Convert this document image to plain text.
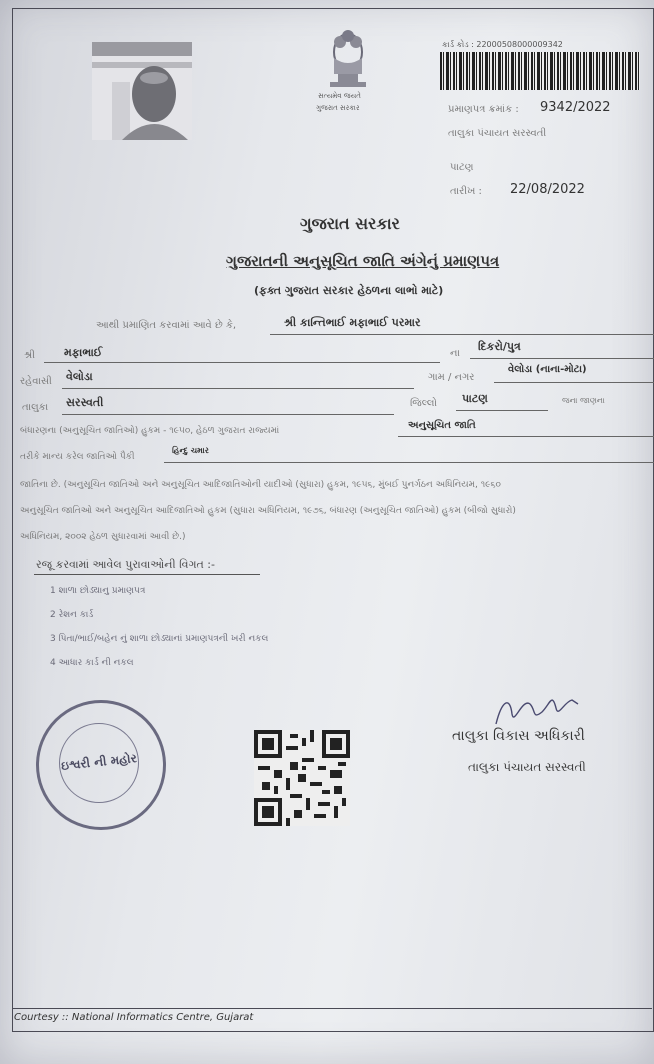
સત્યમેવ જયતે
ગુજરાત સરકાર
કાર્ડ કોડ : 22000508000009342
પ્રમાણપત્ર ક્રમાંક : 9342/2022
તાલુકા પંચાયત સરસ્વતી
પાટણ
તારીખ : 22/08/2022
ગુજરાત સરકાર
ગુજરાતની અનુસૂચિત જાતિ અંગેનું પ્રમાણપત્ર
(ફક્ત ગુજરાત સરકાર હેઠળના લાભો માટે)
આથી પ્રમાણિત કરવામાં આવે છે કે,	શ્રી કાન્તિભાઈ મફાભાઈ પરમાર
શ્રી	મફાભાઈ	ના
દિકરો/પુત્ર
રહેવાસી વેલોડા	ગામ / નગર
વેલોડા (નાના-મોટા)
તાલુકા સરસ્વતી	જિલ્લો પાટણ	જના જાણના
બંધારણના (અનુસૂચિત જાતિઓ) હુકમ - ૧૯૫૦, હેઠળ ગુજરાત રાજ્યમાં	અનુસૂચિત જાતિ
તરીકે માન્ય કરેલ જાતિઓ પૈકી
હિન્દુ ચમાર
જાતિના છે. (અનુસૂચિત જાતિઓ અને અનુસૂચિત આદિજાતિઓની યાદીઓ (સુધારા) હુકમ, ૧૯૫૬, મુંબઈ પુનર્ગઠન અધિનિયમ, ૧૯૬૦
અનુસૂચિત જાતિઓ અને અનુસૂચિત આદિજાતિઓ હુકમ (સુધારા અધિનિયમ, ૧૯૭૬, બંધારણ (અનુસૂચિત જાતિઓ) હુકમ (બીજો સુધારો)
અધિનિયમ, ૨૦૦૨ હેઠળ સુધારવામાં આવી છે.)
રજૂ કરવામાં આવેલ પુરાવાઓની વિગત :-
1 શાળા છોડ્યાનુ પ્રમાણપત્ર
2 રેશન કાર્ડ
3 પિતા/ભાઈ/બહેન નું શાળા છોડ્યાનાં પ્રમાણપત્રની ખરી નકલ
4 આધાર કાર્ડ ની નકલ
ઇશ્વરી ની મહોર
તાલુકા વિકાસ અધિકારી
તાલુકા પંચાયત સરસ્વતી
Courtesy :: National Informatics Centre, Gujarat
